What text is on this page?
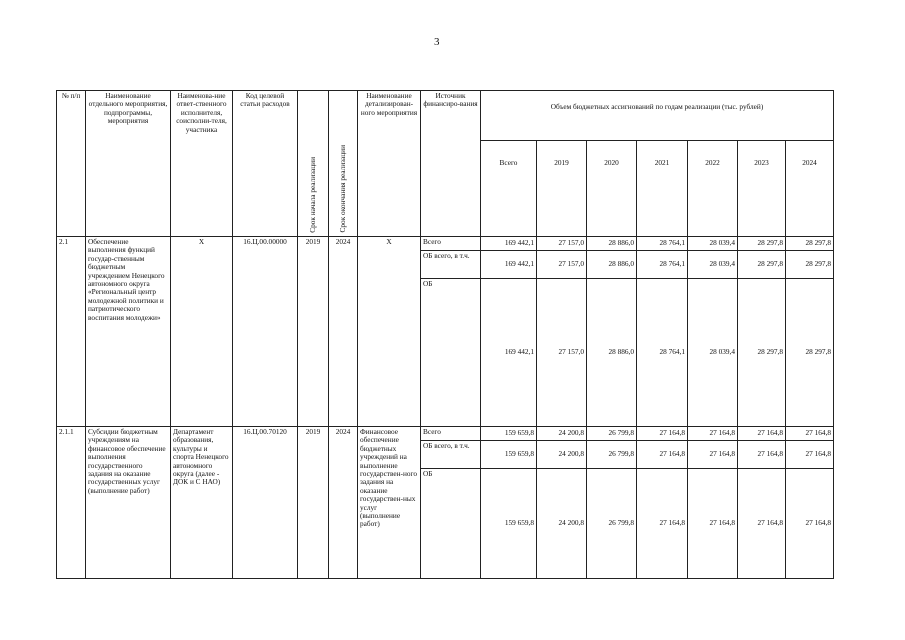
3
№ п/п	Наименование отдельного мероприятия, подпрограммы, мероприятия	Наименова-ние ответ-ственного исполнителя, соисполни-теля, участника	Код целевой статьи расходов	Срок начала реализации	Срок окончания реализации	Наименование детализирован-ного мероприятия	Источник финансиро-вания	Объем бюджетных ассигнований по годам реализации (тыс. рублей)						
								Всего	2019	2020	2021	2022	2023	2024
2.1	Обеспечение выполнения функций государ-ственным бюджетным учреждением Ненецкого автономного округа «Региональный центр молодежной политики и патриотического воспитания молодежи»	Х	16.Ц.00.00000	2019	2024	Х	Всего	169 442,1	27 157,0	28 886,0	28 764,1	28 039,4	28 297,8	28 297,8
							ОБ всего, в т.ч.	169 442,1	27 157,0	28 886,0	28 764,1	28 039,4	28 297,8	28 297,8
							ОБ	169 442,1	27 157,0	28 886,0	28 764,1	28 039,4	28 297,8	28 297,8
2.1.1	Субсидии бюджетным учреждениям на финансовое обеспечение выполнения государственного задания на оказание государственных услуг (выполнение работ)	Департамент образования, культуры и спорта Ненецкого автономного округа (далее - ДОК и С НАО)	16.Ц.00.70120	2019	2024	Финансовое обеспечение бюджетных учреждений на выполнение государствен-ного задания на оказание государствен-ных услуг (выполнение работ)	Всего	159 659,8	24 200,8	26 799,8	27 164,8	27 164,8	27 164,8	27 164,8
							ОБ всего, в т.ч.	159 659,8	24 200,8	26 799,8	27 164,8	27 164,8	27 164,8	27 164,8
							ОБ	159 659,8	24 200,8	26 799,8	27 164,8	27 164,8	27 164,8	27 164,8
